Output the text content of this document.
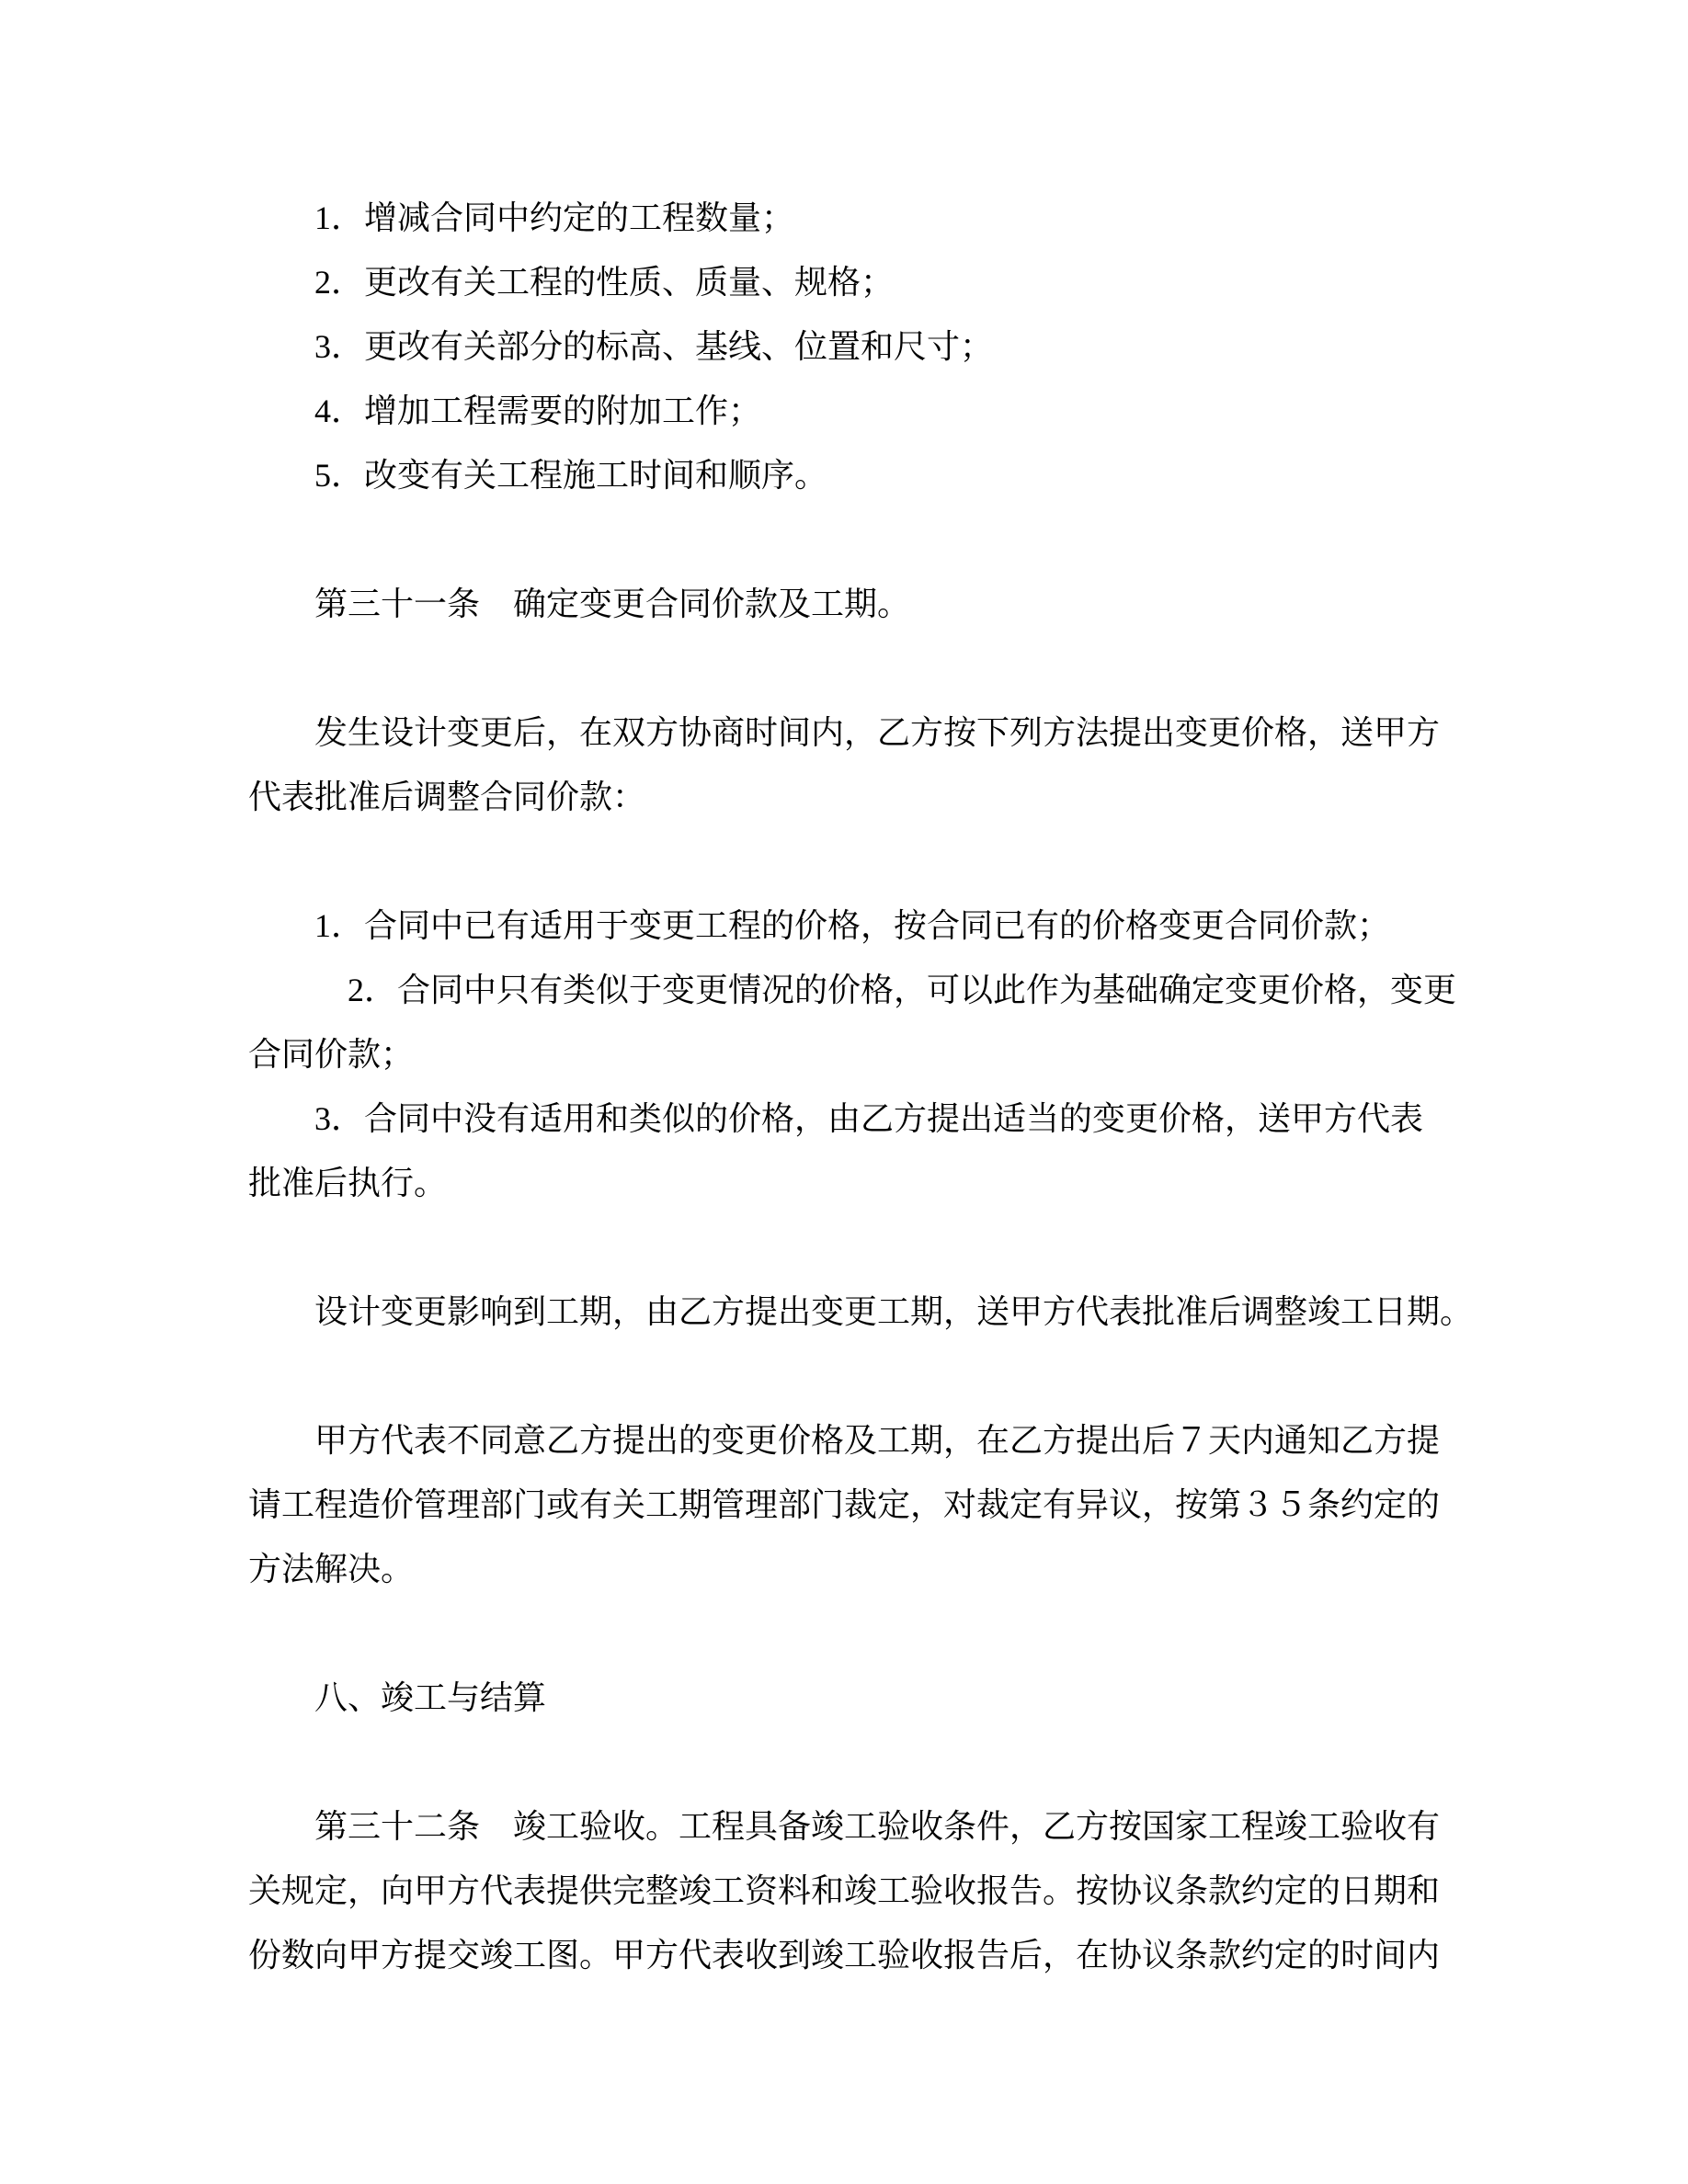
　　1．增减合同中约定的工程数量；
　　2．更改有关工程的性质、质量、规格；
　　3．更改有关部分的标高、基线、位置和尺寸；
　　4．增加工程需要的附加工作；
　　5．改变有关工程施工时间和顺序。
　　第三十一条　确定变更合同价款及工期。
　　发生设计变更后，在双方协商时间内，乙方按下列方法提出变更价格，送甲方
代表批准后调整合同价款：
　　1．合同中已有适用于变更工程的价格，按合同已有的价格变更合同价款；
　　　2．合同中只有类似于变更情况的价格，可以此作为基础确定变更价格，变更
合同价款；
　　3．合同中没有适用和类似的价格，由乙方提出适当的变更价格，送甲方代表
批准后执行。
　　设计变更影响到工期，由乙方提出变更工期，送甲方代表批准后调整竣工日期。
　　甲方代表不同意乙方提出的变更价格及工期，在乙方提出后７天内通知乙方提
请工程造价管理部门或有关工期管理部门裁定，对裁定有异议，按第３５条约定的
方法解决。
　　八、竣工与结算
　　第三十二条　竣工验收。工程具备竣工验收条件，乙方按国家工程竣工验收有
关规定，向甲方代表提供完整竣工资料和竣工验收报告。按协议条款约定的日期和
份数向甲方提交竣工图。甲方代表收到竣工验收报告后，在协议条款约定的时间内
